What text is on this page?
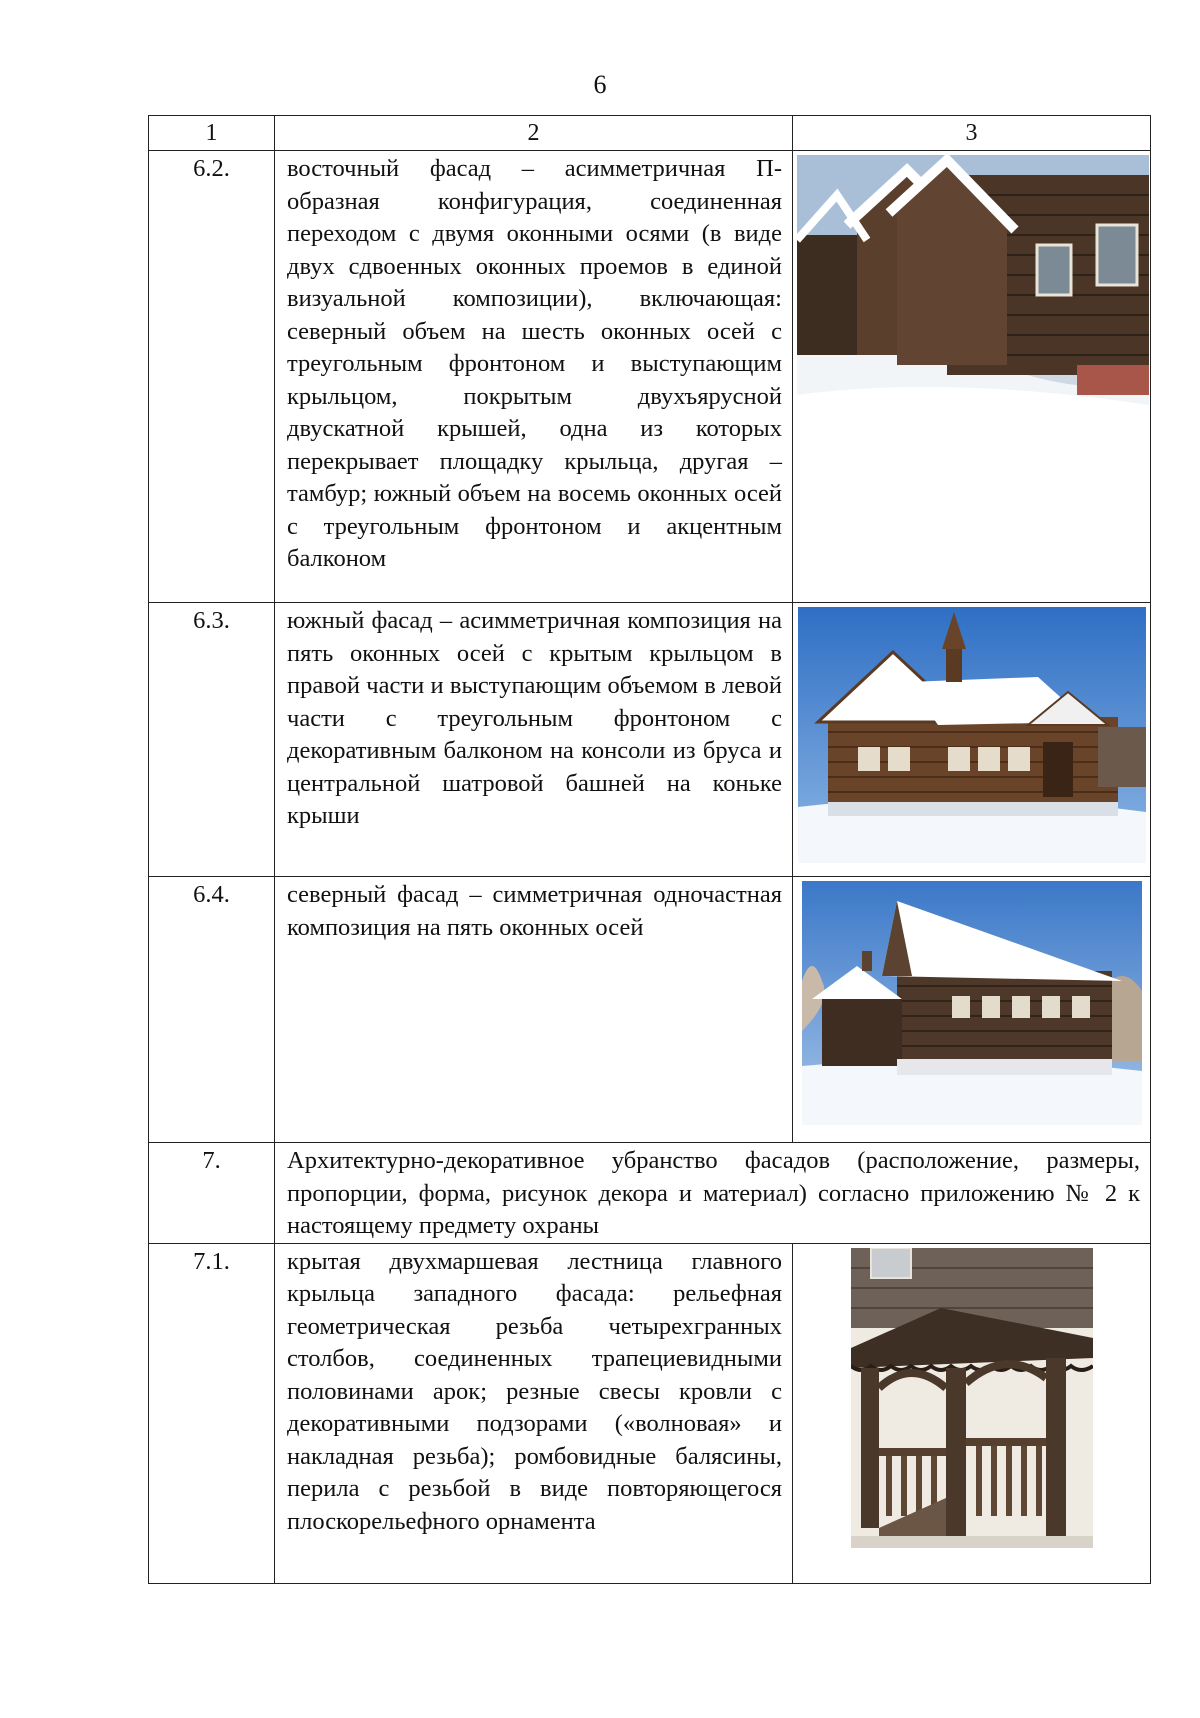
6
1	2	3
6.2.	восточный фасад – асимметричная П- образная конфигурация, соединенная переходом с двумя оконными осями (в виде двух сдвоенных оконных проемов в единой визуальной композиции), включающая: северный объем на шесть оконных осей с треугольным фронтоном и выступающим крыльцом, покрытым двухъярусной двускатной крышей, одна из которых перекрывает площадку крыльца, другая – тамбур; южный объем на восемь оконных осей с треугольным фронтоном и акцентным балконом

6.3.	южный фасад – асимметричная композиция на пять оконных осей с крытым крыльцом в правой части и выступающим объемом в левой части с треугольным фронтоном с декоративным балконом на консоли из бруса и центральной шатровой башней на коньке крыши

6.4.	северный фасад – симметричная одночастная композиция на пять оконных осей

7.	Архитектурно-декоративное убранство фасадов (расположение, размеры, пропорции, форма, рисунок декора и материал) согласно приложению № 2 к настоящему предмету охраны	

7.1.	крытая двухмаршевая лестница главного крыльца западного фасада: рельефная геометрическая резьба четырехгранных столбов, соединенных трапециевидными половинами арок; резные свесы кровли с декоративными подзорами («волновая» и накладная резьба); ромбовидные балясины, перила с резьбой в виде повторяющегося плоскорельефного орнамента
